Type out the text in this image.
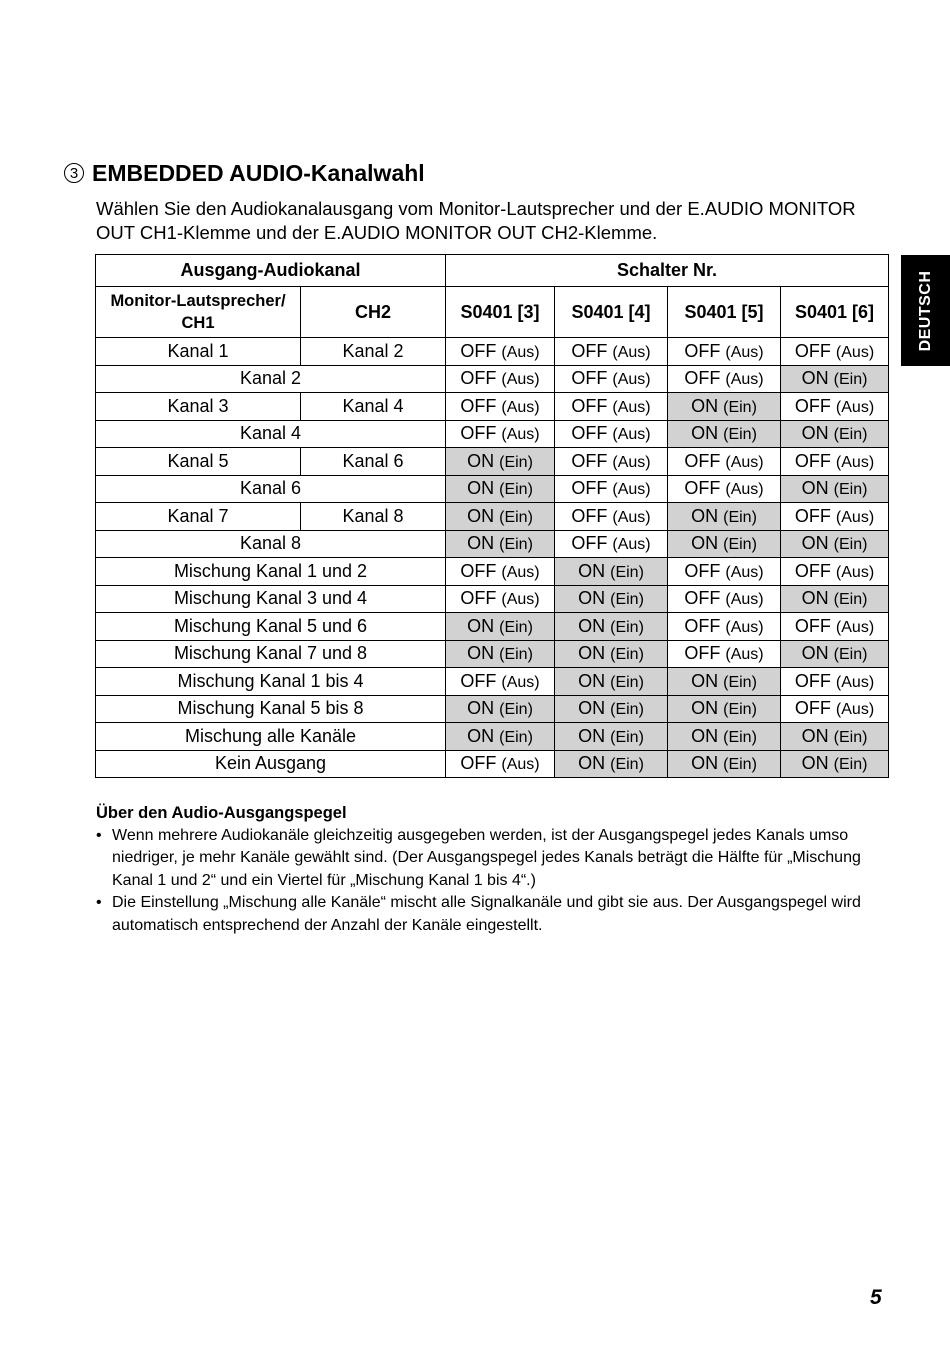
DEUTSCH
3 EMBEDDED AUDIO-Kanalwahl
Wählen Sie den Audiokanalausgang vom Monitor-Lautsprecher und der E.AUDIO MONITOR OUT CH1-Klemme und der E.AUDIO MONITOR OUT CH2-Klemme.
Ausgang-Audiokanal		Schalter Nr.			
Monitor-Lautsprecher/ CH1	CH2	S0401 [3]	S0401 [4]	S0401 [5]	S0401 [6]
Kanal 1	Kanal 2	OFF (Aus)	OFF (Aus)	OFF (Aus)	OFF (Aus)
Kanal 2		OFF (Aus)	OFF (Aus)	OFF (Aus)	ON (Ein)
Kanal 3	Kanal 4	OFF (Aus)	OFF (Aus)	ON (Ein)	OFF (Aus)
Kanal 4		OFF (Aus)	OFF (Aus)	ON (Ein)	ON (Ein)
Kanal 5	Kanal 6	ON (Ein)	OFF (Aus)	OFF (Aus)	OFF (Aus)
Kanal 6		ON (Ein)	OFF (Aus)	OFF (Aus)	ON (Ein)
Kanal 7	Kanal 8	ON (Ein)	OFF (Aus)	ON (Ein)	OFF (Aus)
Kanal 8		ON (Ein)	OFF (Aus)	ON (Ein)	ON (Ein)
Mischung Kanal 1 und 2		OFF (Aus)	ON (Ein)	OFF (Aus)	OFF (Aus)
Mischung Kanal 3 und 4		OFF (Aus)	ON (Ein)	OFF (Aus)	ON (Ein)
Mischung Kanal 5 und 6		ON (Ein)	ON (Ein)	OFF (Aus)	OFF (Aus)
Mischung Kanal 7 und 8		ON (Ein)	ON (Ein)	OFF (Aus)	ON (Ein)
Mischung Kanal 1 bis 4		OFF (Aus)	ON (Ein)	ON (Ein)	OFF (Aus)
Mischung Kanal 5 bis 8		ON (Ein)	ON (Ein)	ON (Ein)	OFF (Aus)
Mischung alle Kanäle		ON (Ein)	ON (Ein)	ON (Ein)	ON (Ein)
Kein Ausgang		OFF (Aus)	ON (Ein)	ON (Ein)	ON (Ein)
Über den Audio-Ausgangspegel
• Wenn mehrere Audiokanäle gleichzeitig ausgegeben werden, ist der Ausgangspegel jedes Kanals umso niedriger, je mehr Kanäle gewählt sind. (Der Ausgangspegel jedes Kanals beträgt die Hälfte für „Mischung Kanal 1 und 2“ und ein Viertel für „Mischung Kanal 1 bis 4“.)
• Die Einstellung „Mischung alle Kanäle“ mischt alle Signalkanäle und gibt sie aus. Der Ausgangspegel wird automatisch entsprechend der Anzahl der Kanäle eingestellt.
5
